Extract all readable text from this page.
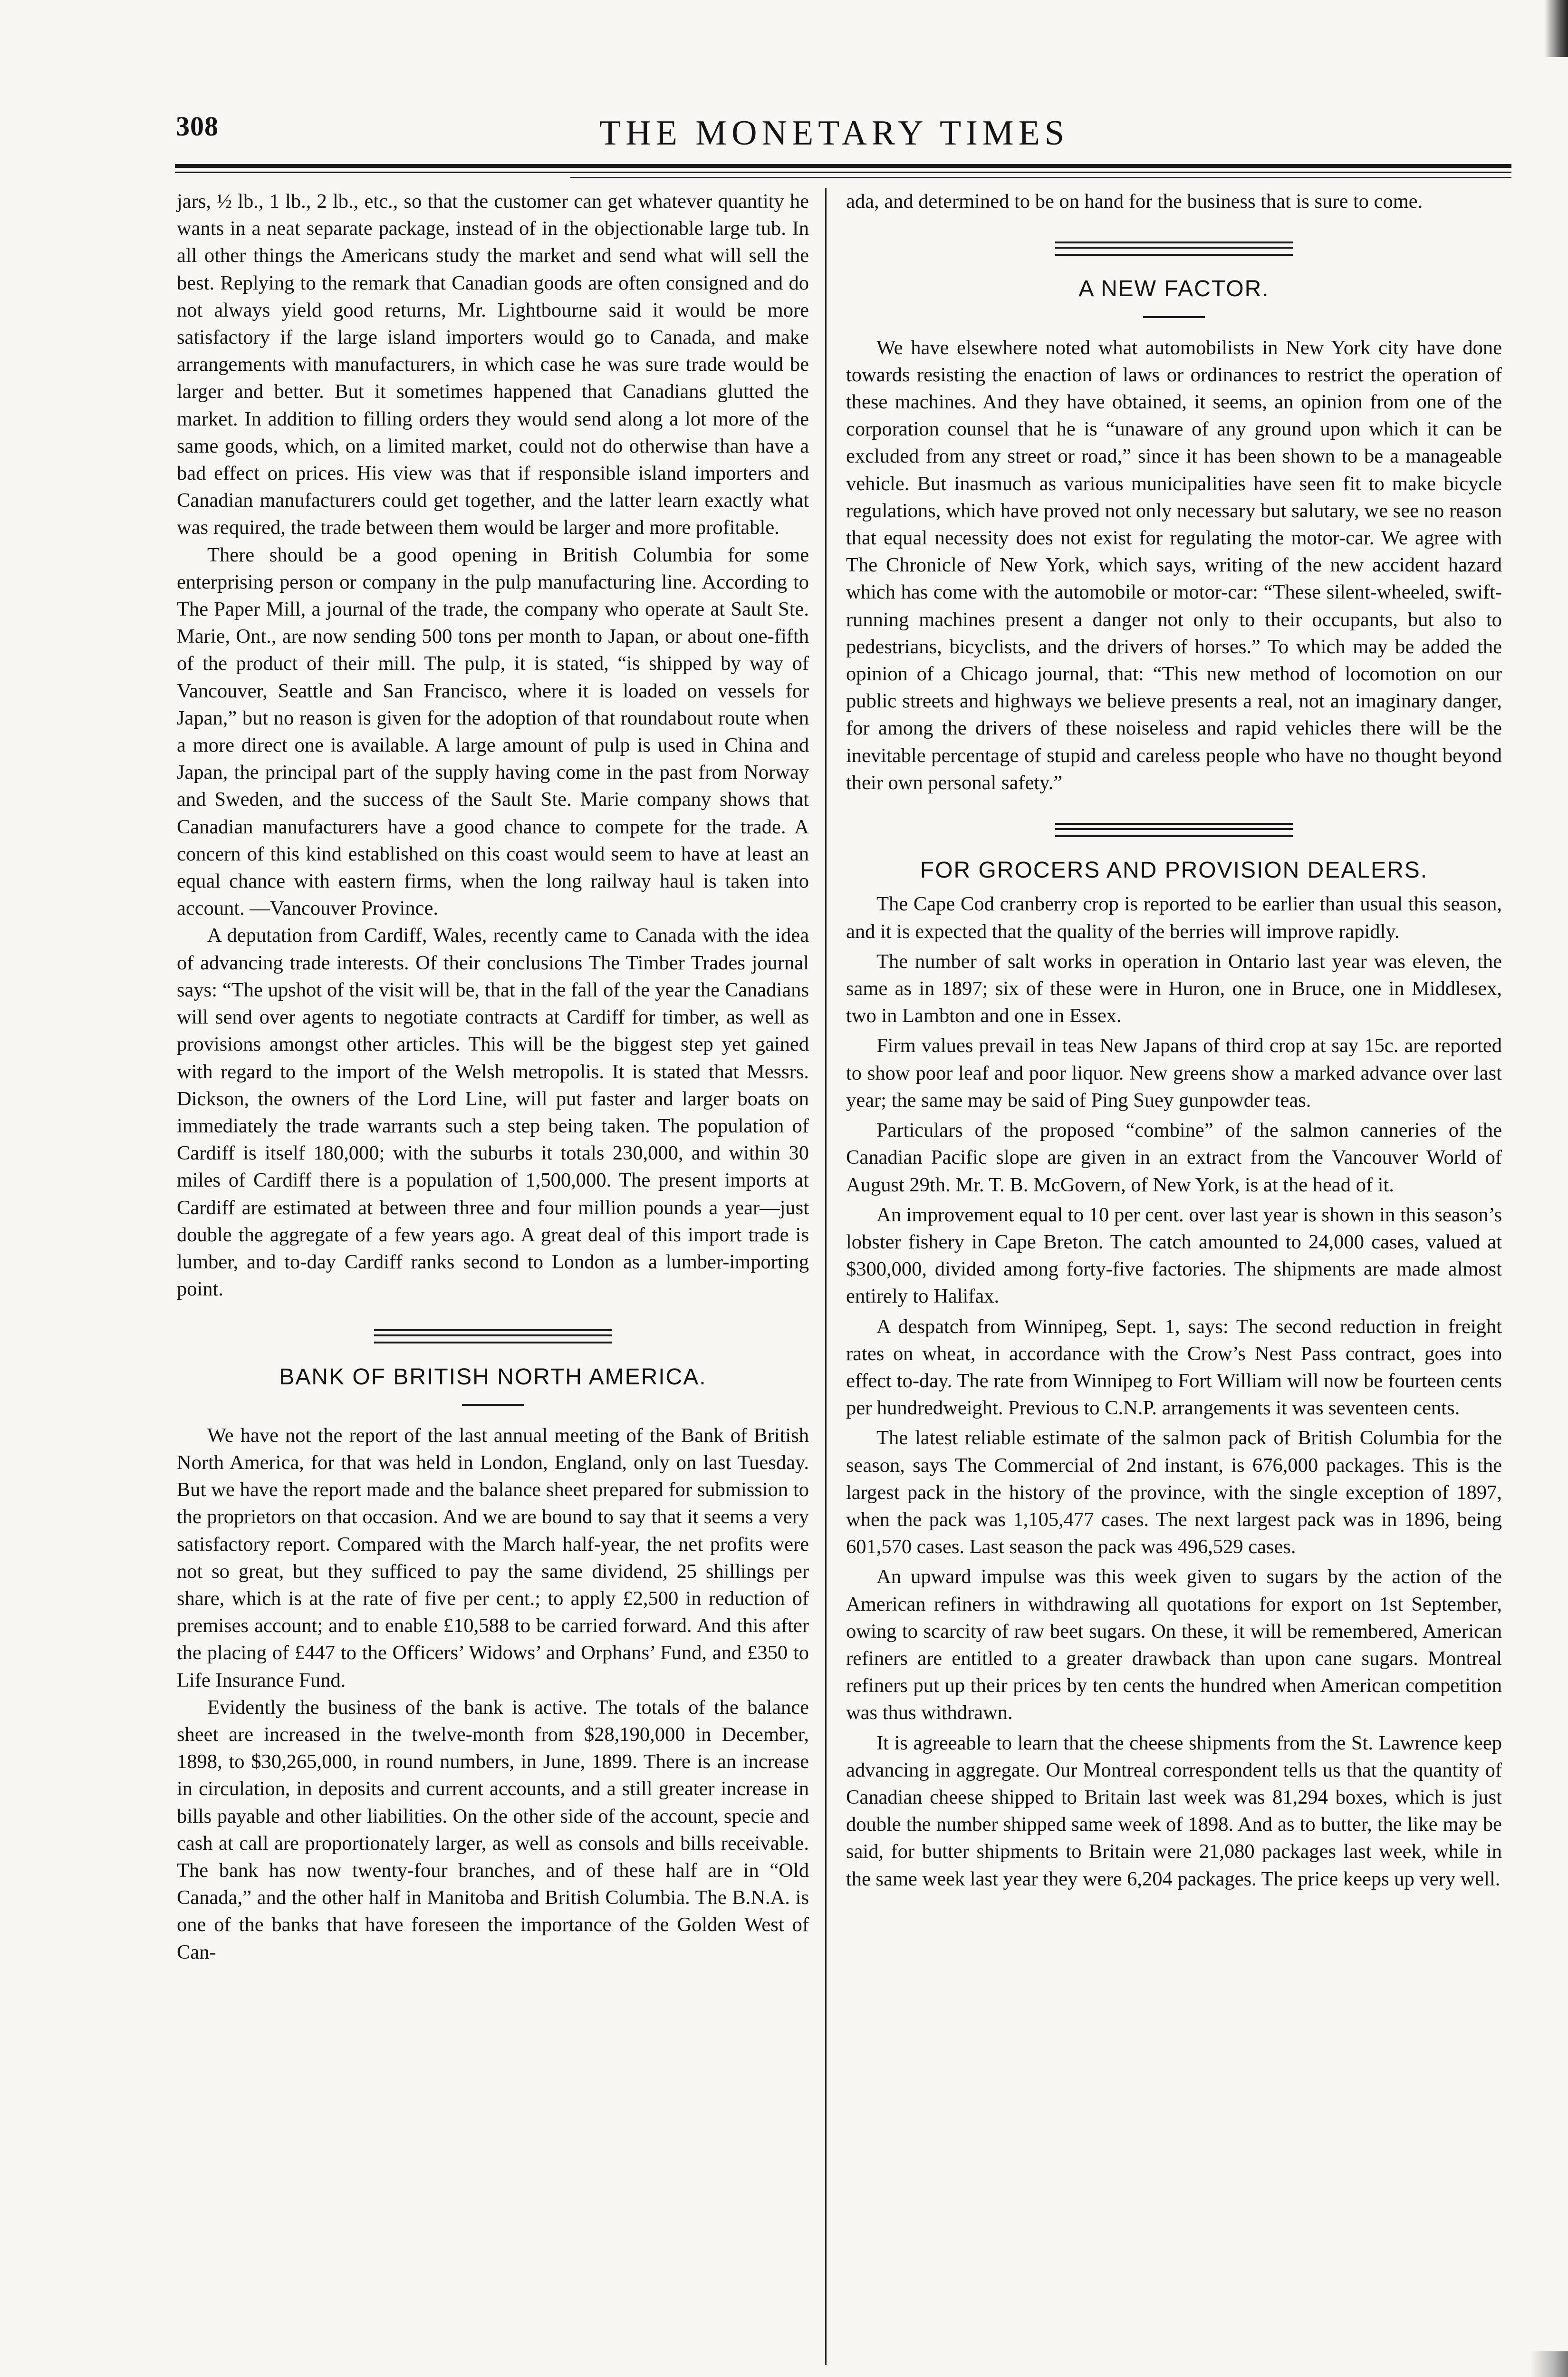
308	THE MONETARY TIMES

jars, ½ lb., 1 lb., 2 lb., etc., so that the customer can get whatever quantity he wants in a neat separate package, instead of in the objectionable large tub. In all other things the Americans study the market and send what will sell the best. Replying to the remark that Canadian goods are often consigned and do not always yield good returns, Mr. Lightbourne said it would be more satisfactory if the large island importers would go to Canada, and make arrangements with manufacturers, in which case he was sure trade would be larger and better. But it sometimes happened that Canadians glutted the market. In addition to filling orders they would send along a lot more of the same goods, which, on a limited market, could not do otherwise than have a bad effect on prices. His view was that if responsible island importers and Canadian manufacturers could get together, and the latter learn exactly what was required, the trade between them would be larger and more profitable.

There should be a good opening in British Columbia for some enterprising person or company in the pulp manufacturing line. According to The Paper Mill, a journal of the trade, the company who operate at Sault Ste. Marie, Ont., are now sending 500 tons per month to Japan, or about one-fifth of the product of their mill. The pulp, it is stated, “is shipped by way of Vancouver, Seattle and San Francisco, where it is loaded on vessels for Japan,” but no reason is given for the adoption of that roundabout route when a more direct one is available. A large amount of pulp is used in China and Japan, the principal part of the supply having come in the past from Norway and Sweden, and the success of the Sault Ste. Marie company shows that Canadian manufacturers have a good chance to compete for the trade. A concern of this kind established on this coast would seem to have at least an equal chance with eastern firms, when the long railway haul is taken into account. —Vancouver Province.

A deputation from Cardiff, Wales, recently came to Canada with the idea of advancing trade interests. Of their conclusions The Timber Trades journal says: “The upshot of the visit will be, that in the fall of the year the Canadians will send over agents to negotiate contracts at Cardiff for timber, as well as provisions amongst other articles. This will be the biggest step yet gained with regard to the import of the Welsh metropolis. It is stated that Messrs. Dickson, the owners of the Lord Line, will put faster and larger boats on immediately the trade warrants such a step being taken. The population of Cardiff is itself 180,000; with the suburbs it totals 230,000, and within 30 miles of Cardiff there is a population of 1,500,000. The present imports at Cardiff are estimated at between three and four million pounds a year—just double the aggregate of a few years ago. A great deal of this import trade is lumber, and to-day Cardiff ranks second to London as a lumber-importing point.

BANK OF BRITISH NORTH AMERICA.

We have not the report of the last annual meeting of the Bank of British North America, for that was held in London, England, only on last Tuesday. But we have the report made and the balance sheet prepared for submission to the proprietors on that occasion. And we are bound to say that it seems a very satisfactory report. Compared with the March half-year, the net profits were not so great, but they sufficed to pay the same dividend, 25 shillings per share, which is at the rate of five per cent.; to apply £2,500 in reduction of premises account; and to enable £10,588 to be carried forward. And this after the placing of £447 to the Officers’ Widows’ and Orphans’ Fund, and £350 to Life Insurance Fund.

Evidently the business of the bank is active. The totals of the balance sheet are increased in the twelve-month from $28,190,000 in December, 1898, to $30,265,000, in round numbers, in June, 1899. There is an increase in circulation, in deposits and current accounts, and a still greater increase in bills payable and other liabilities. On the other side of the account, specie and cash at call are proportionately larger, as well as consols and bills receivable. The bank has now twenty-four branches, and of these half are in “Old Canada,” and the other half in Manitoba and British Columbia. The B.N.A. is one of the banks that have foreseen the importance of the Golden West of Can-

ada, and determined to be on hand for the business that is sure to come.

A NEW FACTOR.

We have elsewhere noted what automobilists in New York city have done towards resisting the enaction of laws or ordinances to restrict the operation of these machines. And they have obtained, it seems, an opinion from one of the corporation counsel that he is “unaware of any ground upon which it can be excluded from any street or road,” since it has been shown to be a manageable vehicle. But inasmuch as various municipalities have seen fit to make bicycle regulations, which have proved not only necessary but salutary, we see no reason that equal necessity does not exist for regulating the motor-car. We agree with The Chronicle of New York, which says, writing of the new accident hazard which has come with the automobile or motor-car: “These silent-wheeled, swift-running machines present a danger not only to their occupants, but also to pedestrians, bicyclists, and the drivers of horses.” To which may be added the opinion of a Chicago journal, that: “This new method of locomotion on our public streets and highways we believe presents a real, not an imaginary danger, for among the drivers of these noiseless and rapid vehicles there will be the inevitable percentage of stupid and careless people who have no thought beyond their own personal safety.”

FOR GROCERS AND PROVISION DEALERS.

The Cape Cod cranberry crop is reported to be earlier than usual this season, and it is expected that the quality of the berries will improve rapidly.

The number of salt works in operation in Ontario last year was eleven, the same as in 1897; six of these were in Huron, one in Bruce, one in Middlesex, two in Lambton and one in Essex.

Firm values prevail in teas New Japans of third crop at say 15c. are reported to show poor leaf and poor liquor. New greens show a marked advance over last year; the same may be said of Ping Suey gunpowder teas.

Particulars of the proposed “combine” of the salmon canneries of the Canadian Pacific slope are given in an extract from the Vancouver World of August 29th. Mr. T. B. McGovern, of New York, is at the head of it.

An improvement equal to 10 per cent. over last year is shown in this season’s lobster fishery in Cape Breton. The catch amounted to 24,000 cases, valued at $300,000, divided among forty-five factories. The shipments are made almost entirely to Halifax.

A despatch from Winnipeg, Sept. 1, says: The second reduction in freight rates on wheat, in accordance with the Crow’s Nest Pass contract, goes into effect to-day. The rate from Winnipeg to Fort William will now be fourteen cents per hundredweight. Previous to C.N.P. arrangements it was seventeen cents.

The latest reliable estimate of the salmon pack of British Columbia for the season, says The Commercial of 2nd instant, is 676,000 packages. This is the largest pack in the history of the province, with the single exception of 1897, when the pack was 1,105,477 cases. The next largest pack was in 1896, being 601,570 cases. Last season the pack was 496,529 cases.

An upward impulse was this week given to sugars by the action of the American refiners in withdrawing all quotations for export on 1st September, owing to scarcity of raw beet sugars. On these, it will be remembered, American refiners are entitled to a greater drawback than upon cane sugars. Montreal refiners put up their prices by ten cents the hundred when American competition was thus withdrawn.

It is agreeable to learn that the cheese shipments from the St. Lawrence keep advancing in aggregate. Our Montreal correspondent tells us that the quantity of Canadian cheese shipped to Britain last week was 81,294 boxes, which is just double the number shipped same week of 1898. And as to butter, the like may be said, for butter shipments to Britain were 21,080 packages last week, while in the same week last year they were 6,204 packages. The price keeps up very well.
